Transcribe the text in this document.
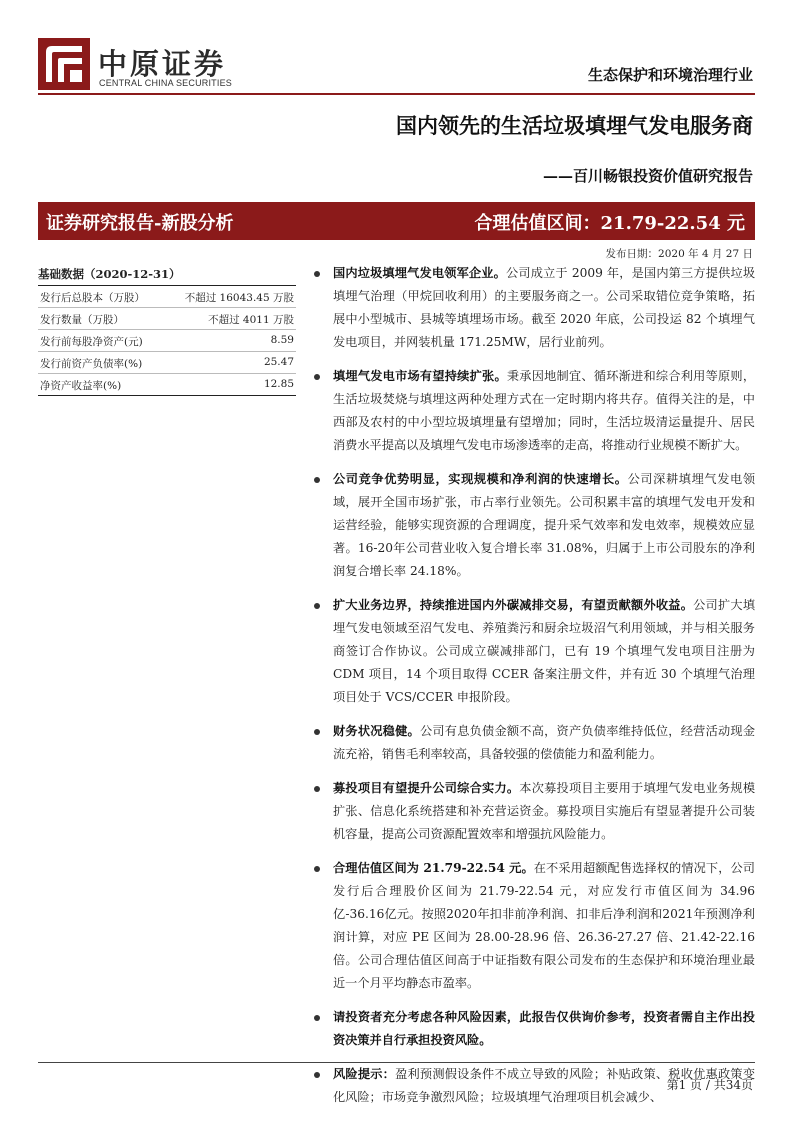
中原证券
CENTRAL CHINA SECURITIES	生态保护和环境治理行业
国内领先的生活垃圾填埋气发电服务商
——百川畅银投资价值研究报告
证券研究报告-新股分析	合理估值区间：21.79-22.54 元
发布日期：2020 年 4 月 27 日
基础数据（2020-12-31）
发行后总股本（万股）	不超过 16043.45 万股
发行数量（万股）	不超过 4011 万股
发行前每股净资产(元)	8.59
发行前资产负债率(%)	25.47
净资产收益率(%)	12.85
国内垃圾填埋气发电领军企业。公司成立于 2009 年，是国内第三方提供垃圾填埋气治理（甲烷回收利用）的主要服务商之一。公司采取错位竞争策略，拓展中小型城市、县城等填埋场市场。截至 2020 年底，公司投运 82 个填埋气发电项目，并网装机量 171.25MW，居行业前列。
填埋气发电市场有望持续扩张。秉承因地制宜、循环渐进和综合利用等原则，生活垃圾焚烧与填埋这两种处理方式在一定时期内将共存。值得关注的是，中西部及农村的中小型垃圾填埋量有望增加；同时，生活垃圾清运量提升、居民消费水平提高以及填埋气发电市场渗透率的走高，将推动行业规模不断扩大。
公司竞争优势明显，实现规模和净利润的快速增长。公司深耕填埋气发电领域，展开全国市场扩张，市占率行业领先。公司积累丰富的填埋气发电开发和运营经验，能够实现资源的合理调度，提升采气效率和发电效率，规模效应显著。16-20年公司营业收入复合增长率 31.08%，归属于上市公司股东的净利润复合增长率 24.18%。
扩大业务边界，持续推进国内外碳减排交易，有望贡献额外收益。公司扩大填埋气发电领域至沼气发电、养殖粪污和厨余垃圾沼气利用领域，并与相关服务商签订合作协议。公司成立碳减排部门，已有 19 个填埋气发电项目注册为 CDM 项目，14 个项目取得 CCER 备案注册文件，并有近 30 个填埋气治理项目处于 VCS/CCER 申报阶段。
财务状况稳健。公司有息负债金额不高，资产负债率维持低位，经营活动现金流充裕，销售毛利率较高，具备较强的偿债能力和盈利能力。
募投项目有望提升公司综合实力。本次募投项目主要用于填埋气发电业务规模扩张、信息化系统搭建和补充营运资金。募投项目实施后有望显著提升公司装机容量，提高公司资源配置效率和增强抗风险能力。
合理估值区间为 21.79-22.54 元。在不采用超额配售选择权的情况下，公司发行后合理股价区间为 21.79-22.54 元，对应发行市值区间为 34.96亿-36.16亿元。按照2020年扣非前净利润、扣非后净利润和2021年预测净利润计算，对应 PE 区间为 28.00-28.96 倍、26.36-27.27 倍、21.42-22.16 倍。公司合理估值区间高于中证指数有限公司发布的生态保护和环境治理业最近一个月平均静态市盈率。
请投资者充分考虑各种风险因素，此报告仅供询价参考，投资者需自主作出投资决策并自行承担投资风险。
风险提示：盈利预测假设条件不成立导致的风险；补贴政策、税收优惠政策变化风险；市场竞争激烈风险；垃圾填埋气治理项目机会减少、
第1 页 / 共34页
